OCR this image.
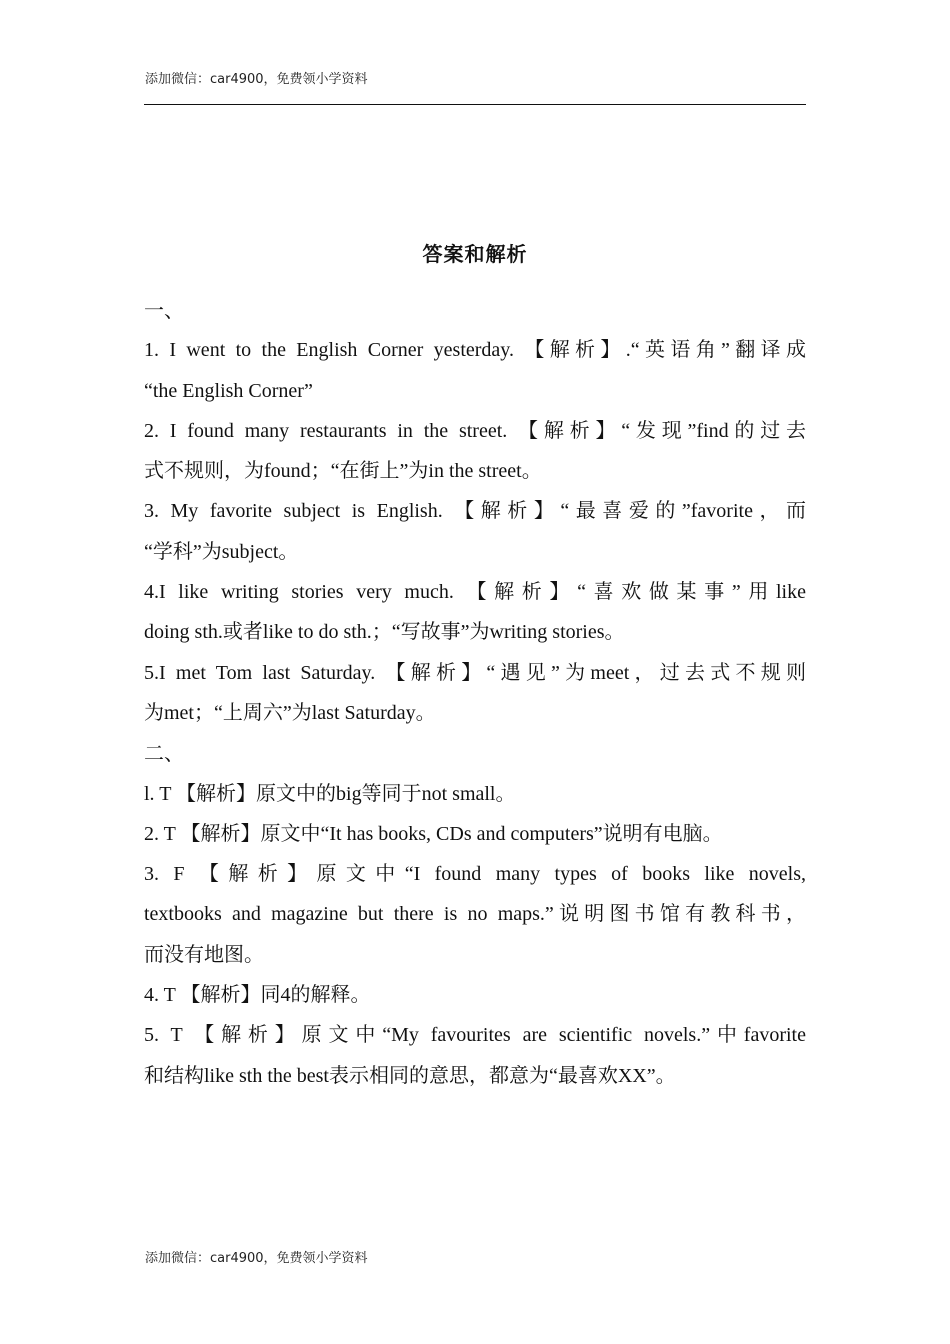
添加微信：car4900，免费领小学资料
答案和解析
一、
1. I went to the English Corner yesterday. 【解析】.“英语角”翻译成
“the English Corner”
2. I found many restaurants in the street. 【解析】“发现”find的过去
式不规则，为found；“在街上”为in the street。
3. My favorite subject is English. 【解析】“最喜爱的”favorite，而
“学科”为subject。
4.I like writing stories very much. 【解析】“喜欢做某事”用like
doing sth.或者like to do sth.；“写故事”为writing stories。
5.I met Tom last Saturday. 【解析】“遇见”为meet，过去式不规则
为met；“上周六”为last Saturday。
二、
l. T 【解析】原文中的big等同于not small。
2. T 【解析】原文中“It has books, CDs and computers”说明有电脑。
3. F 【解析】原文中“I found many types of books like novels,
textbooks and magazine but there is no maps.”说明图书馆有教科书，
而没有地图。
4. T 【解析】同4的解释。
5. T 【解析】原文中“My favourites are scientific novels.”中favorite
和结构like sth the best表示相同的意思，都意为“最喜欢XX”。
添加微信：car4900，免费领小学资料
